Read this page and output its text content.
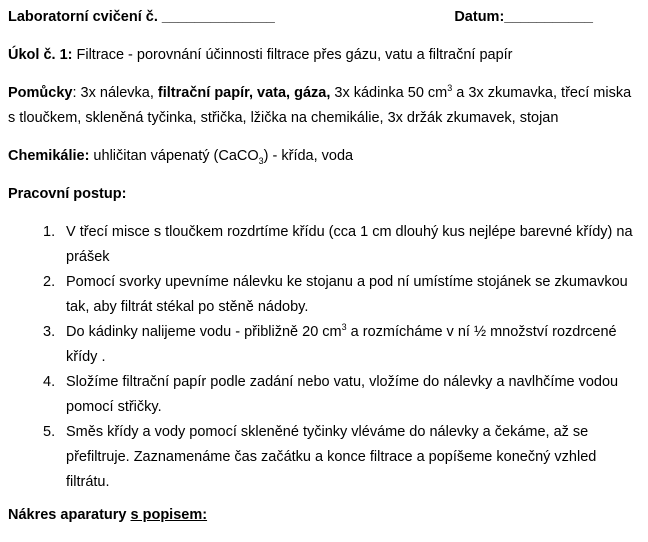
Laboratorní cvičení č. ______________	Datum:___________

Úkol č. 1: Filtrace - porovnání účinnosti filtrace přes gázu, vatu a filtrační papír

Pomůcky: 3x nálevka, filtrační papír, vata, gáza, 3x kádinka 50 $cm^3$ a 3x zkumavka, třecí miska s tloučkem, skleněná tyčinka, střička, lžička na chemikálie, 3x držák zkumavek, stojan

Chemikálie: uhličitan vápenatý (CaCO$_3$) - křída, voda

Pracovní postup:

1. V třecí misce s tloučkem rozdrtíme křídu (cca 1 cm dlouhý kus nejlépe barevné křídy) na prášek
2. Pomocí svorky upevníme nálevku ke stojanu a pod ní umístíme stojánek se zkumavkou tak, aby filtrát stékal po stěně nádoby.
3. Do kádinky nalijeme vodu - přibližně 20 $cm^3$ a rozmícháme v ní ½ množství rozdrcené křídy .
4. Složíme filtrační papír podle zadání nebo vatu, vložíme do nálevky a navlhčíme vodou pomocí střičky.
5. Směs křídy a vody pomocí skleněné tyčinky vléváme do nálevky a čekáme, až se přefiltruje. Zaznamenáme čas začátku a konce filtrace a popíšeme konečný vzhled filtrátu.

Nákres aparatury s popisem:
